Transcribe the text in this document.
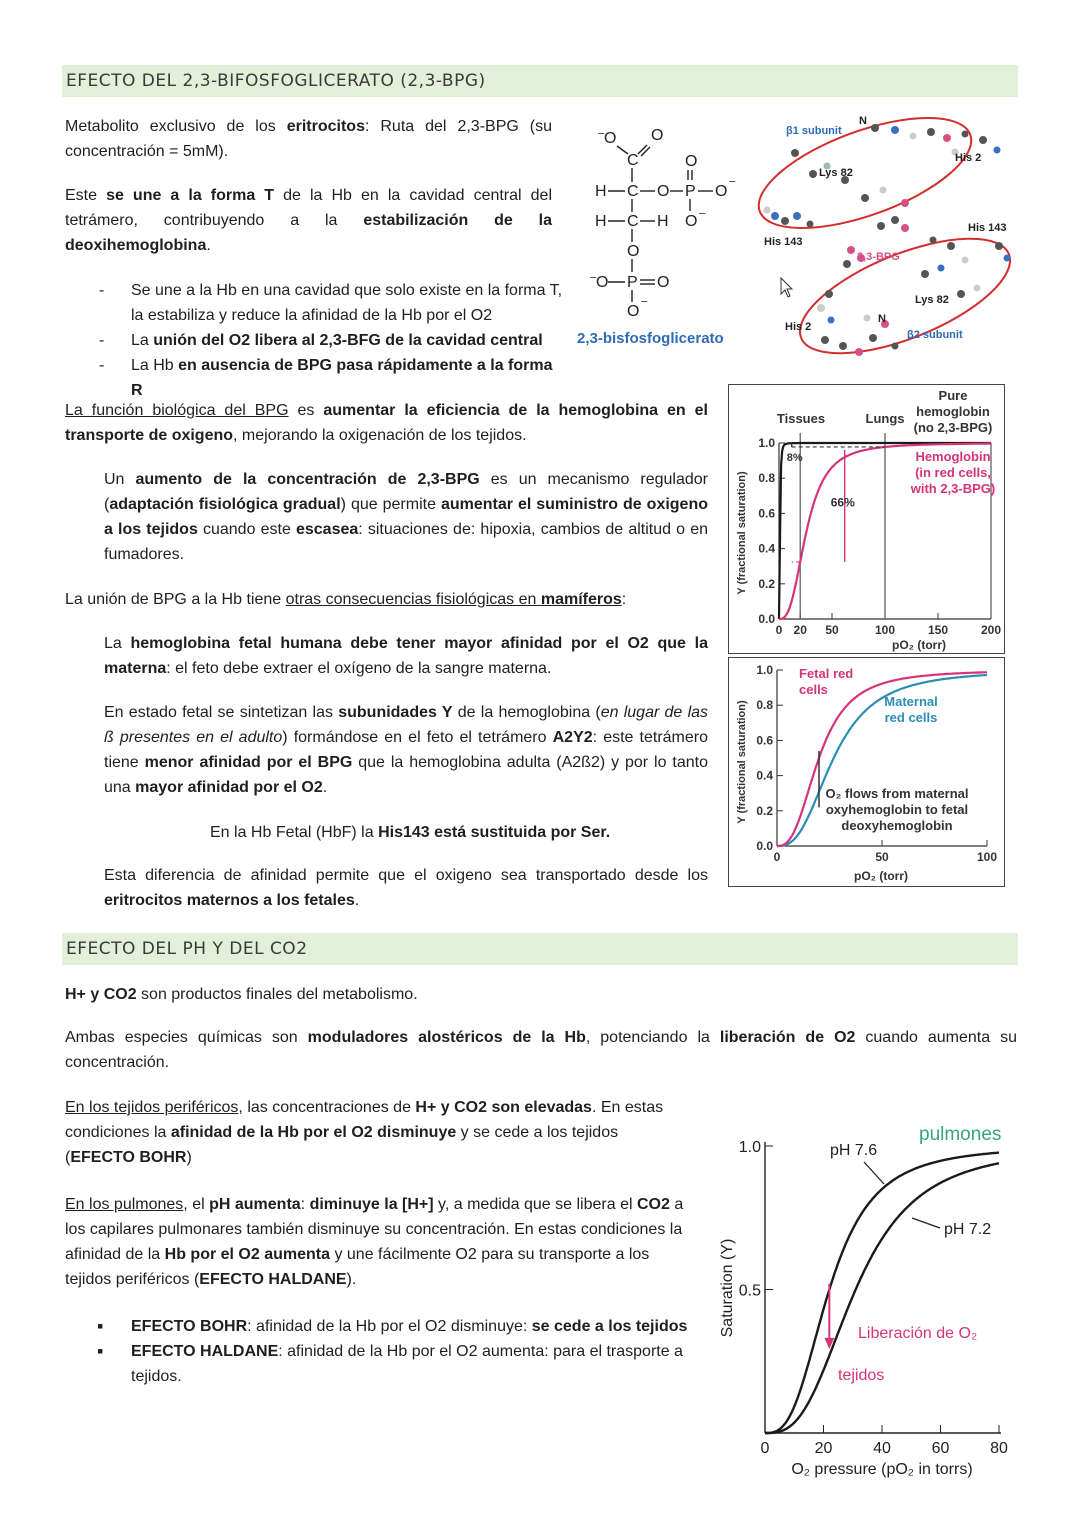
EFECTO DEL 2,3-BIFOSFOGLICERATO (2,3-BPG)
Metabolito exclusivo de los eritrocitos: Ruta del 2,3-BPG (su concentración = 5mM).
Este se une a la forma T de la Hb en la cavidad central del tetrámero, contribuyendo a la estabilización de la deoxihemoglobina.
- Se une a la Hb en una cavidad que solo existe en la forma T, la estabiliza y reduce la afinidad de la Hb por el O2
- La unión del O2 libera al 2,3-BFG de la cavidad central
- La Hb en ausencia de BPG pasa rápidamente a la forma R
⁻
O O
C
H C O P
O
O ⁻
H C H O ⁻
O
⁻
O P O
O ⁻
2,3-bisfosfoglicerato
β1 subunit
N
His 2
Lys 82
His 143
His 143
2,3-BPG
Lys 82
His 2
N
β2 subunit
La función biológica del BPG es aumentar la eficiencia de la hemoglobina en el transporte de oxigeno, mejorando la oxigenación de los tejidos.
Un aumento de la concentración de 2,3-BPG es un mecanismo regulador (adaptación fisiológica gradual) que permite aumentar el suministro de oxigeno a los tejidos cuando este escasea: situaciones de: hipoxia, cambios de altitud o en fumadores.
La unión de BPG a la Hb tiene otras consecuencias fisiológicas en mamíferos:
La hemoglobina fetal humana debe tener mayor afinidad por el O2 que la materna: el feto debe extraer el oxígeno de la sangre materna.
En estado fetal se sintetizan las subunidades Y de la hemoglobina (en lugar de las ß presentes en el adulto) formándose en el feto el tetrámero A2Y2: este tetrámero tiene menor afinidad por el BPG que la hemoglobina adulta (A2ß2) y por lo tanto una mayor afinidad por el O2.
En la Hb Fetal (HbF) la His143 está sustituida por Ser.
Esta diferencia de afinidad permite que el oxigeno sea transportado desde los eritrocitos maternos a los fetales.
0.0
0.2
0.4
0.6
0.8
1.0
0 20 50	100	150	200
pO₂ (torr)
Y (fractional saturation)
Tissues	Lungs
8%
66%
Pure
hemoglobin
(no 2,3-BPG)
Hemoglobin
(in red cells,
with 2,3-BPG)
0.0
0.2
0.4
0.6
0.8
1.0
0	50	100
pO₂ (torr)
Y (fractional saturation)
Fetal red
cells
Maternal
red cells
O₂ flows from maternal
oxyhemoglobin to fetal
deoxyhemoglobin
EFECTO DEL PH Y DEL CO2
H+ y CO2 son productos finales del metabolismo.
Ambas especies químicas son moduladores alostéricos de la Hb, potenciando la liberación de O2 cuando aumenta su concentración.
En los tejidos periféricos, las concentraciones de H+ y CO2 son elevadas. En estas condiciones la afinidad de la Hb por el O2 disminuye y se cede a los tejidos (EFECTO BOHR)
En los pulmones, el pH aumenta: diminuye la [H+] y, a medida que se libera el CO2 a los capilares pulmonares también disminuye su concentración. En estas condiciones la afinidad de la Hb por el O2 aumenta y une fácilmente O2 para su transporte a los tejidos periféricos (EFECTO HALDANE).
▪ EFECTO BOHR: afinidad de la Hb por el O2 disminuye: se cede a los tejidos
▪ EFECTO HALDANE: afinidad de la Hb por el O2 aumenta: para el trasporte a tejidos.
0.5
1.0
0	20	40	60	80
O₂ pressure (pO₂ in torrs)
Saturation (Y)
pH 7.6
pH 7.2
pulmones
Liberación de O₂
tejidos
